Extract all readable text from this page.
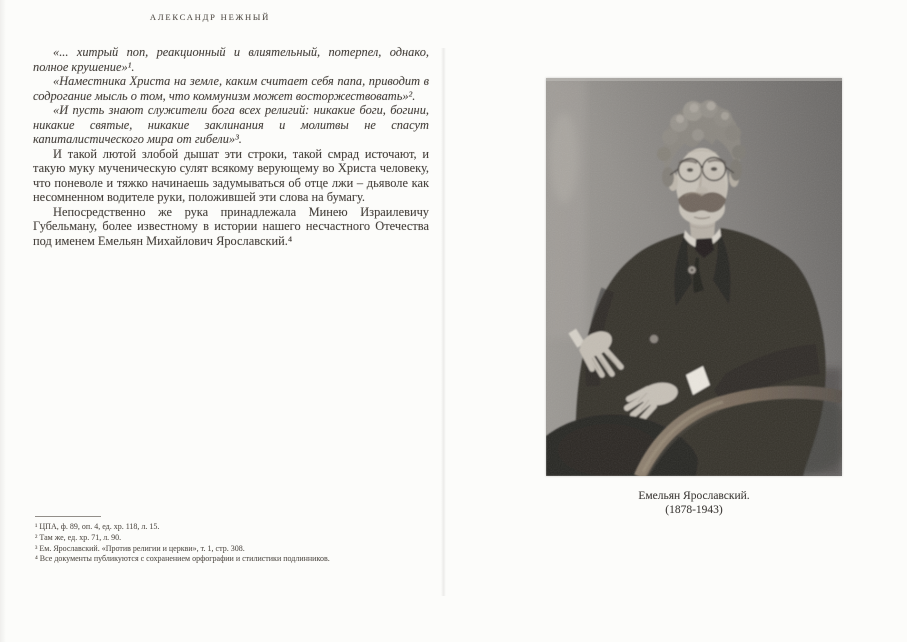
АЛЕКСАНДР НЕЖНЫЙ

«... хитрый поп, реакционный и влиятельный, потерпел, однако, полное крушение»¹.

«Наместника Христа на земле, каким считает себя папа, приводит в содрогание мысль о том, что коммунизм может восторжествовать»².

«И пусть знают служители бога всех религий: никакие боги, богини, никакие святые, никакие заклинания и молитвы не спасут капиталистического мира от гибели»³.

И такой лютой злобой дышат эти строки, такой смрад источают, и такую муку мученическую сулят всякому верующему во Христа человеку, что поневоле и тяжко начинаешь задумываться об отце лжи – дьяволе как несомненном водителе руки, положившей эти слова на бумагу.

Непосредственно же рука принадлежала Минею Израилевичу Губельману, более известному в истории нашего несчастного Отечества под именем Емельян Михайлович Ярославский.⁴

¹ ЦПА, ф. 89, оп. 4, ед. хр. 118, л. 15.

² Там же, ед. хр. 71, л. 90.

³ Ем. Ярославский. «Против религии и церкви», т. 1, стр. 308.

⁴ Все документы публикуются с сохранением орфографии и стилистики подлинников.

Емельян Ярославский.
(1878-1943)
